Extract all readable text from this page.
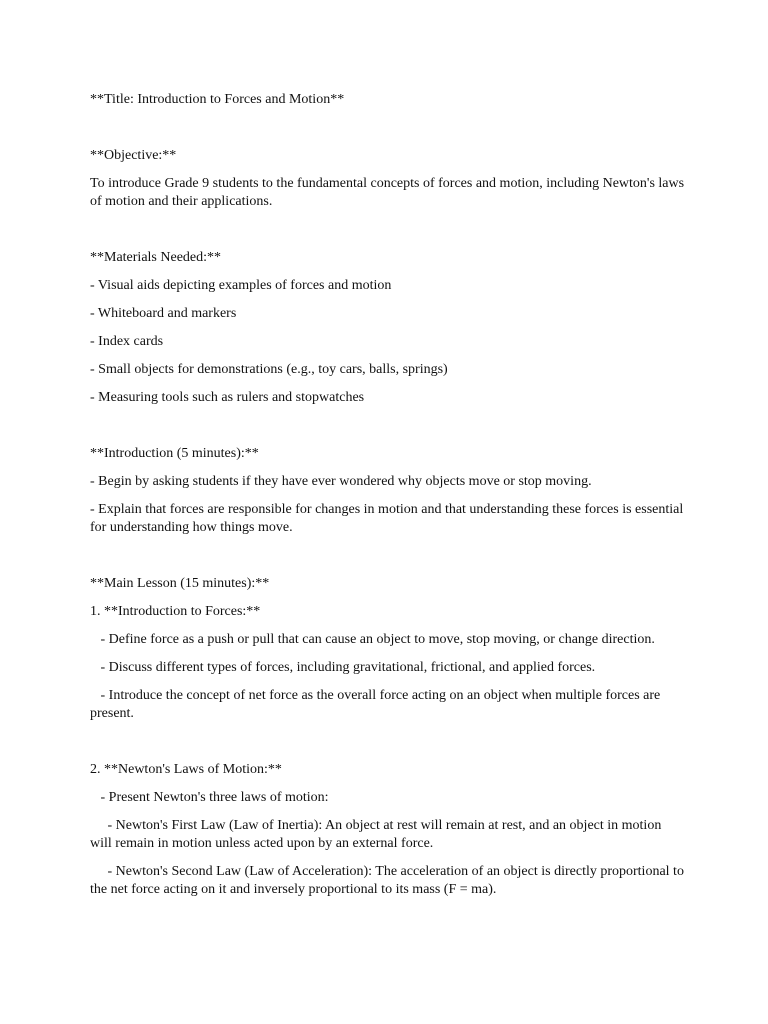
**Title: Introduction to Forces and Motion**

**Objective:**

To introduce Grade 9 students to the fundamental concepts of forces and motion, including Newton's laws of motion and their applications.

**Materials Needed:**

- Visual aids depicting examples of forces and motion

- Whiteboard and markers

- Index cards

- Small objects for demonstrations (e.g., toy cars, balls, springs)

- Measuring tools such as rulers and stopwatches

**Introduction (5 minutes):**

- Begin by asking students if they have ever wondered why objects move or stop moving.

- Explain that forces are responsible for changes in motion and that understanding these forces is essential for understanding how things move.

**Main Lesson (15 minutes):**

1. **Introduction to Forces:**

- Define force as a push or pull that can cause an object to move, stop moving, or change direction.

- Discuss different types of forces, including gravitational, frictional, and applied forces.

- Introduce the concept of net force as the overall force acting on an object when multiple forces are present.

2. **Newton's Laws of Motion:**

- Present Newton's three laws of motion:

- Newton's First Law (Law of Inertia): An object at rest will remain at rest, and an object in motion will remain in motion unless acted upon by an external force.

- Newton's Second Law (Law of Acceleration): The acceleration of an object is directly proportional to the net force acting on it and inversely proportional to its mass (F = ma).
